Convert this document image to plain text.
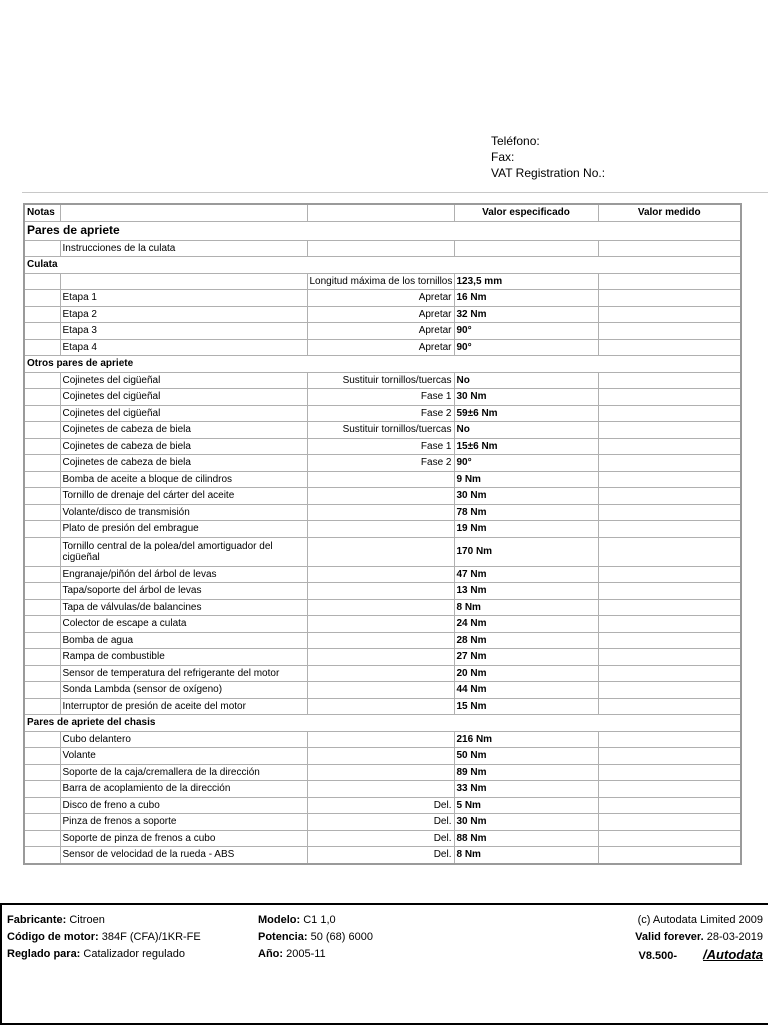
Teléfono:
Fax:
VAT Registration No.:
Notas			Valor especificado	Valor medido
Pares de apriete				
	Instrucciones de la culata			
Culata				
		Longitud máxima de los tornillos	123,5 mm	
	Etapa 1	Apretar	16 Nm	
	Etapa 2	Apretar	32 Nm	
	Etapa 3	Apretar	90°	
	Etapa 4	Apretar	90°	
Otros pares de apriete				
	Cojinetes del cigüeñal	Sustituir tornillos/tuercas	No	
	Cojinetes del cigüeñal	Fase 1	30 Nm	
	Cojinetes del cigüeñal	Fase 2	59±6 Nm	
	Cojinetes de cabeza de biela	Sustituir tornillos/tuercas	No	
	Cojinetes de cabeza de biela	Fase 1	15±6 Nm	
	Cojinetes de cabeza de biela	Fase 2	90°	
	Bomba de aceite a bloque de cilindros		9 Nm	
	Tornillo de drenaje del cárter del aceite		30 Nm	
	Volante/disco de transmisión		78 Nm	
	Plato de presión del embrague		19 Nm	
	Tornillo central de la polea/del amortiguador del cigüeñal		170 Nm	
	Engranaje/piñón del árbol de levas		47 Nm	
	Tapa/soporte del árbol de levas		13 Nm	
	Tapa de válvulas/de balancines		8 Nm	
	Colector de escape a culata		24 Nm	
	Bomba de agua		28 Nm	
	Rampa de combustible		27 Nm	
	Sensor de temperatura del refrigerante del motor		20 Nm	
	Sonda Lambda (sensor de oxígeno)		44 Nm	
	Interruptor de presión de aceite del motor		15 Nm	
Pares de apriete del chasis				
	Cubo delantero		216 Nm	
	Volante		50 Nm	
	Soporte de la caja/cremallera de la dirección		89 Nm	
	Barra de acoplamiento de la dirección		33 Nm	
	Disco de freno a cubo	Del.	5 Nm	
	Pinza de frenos a soporte	Del.	30 Nm	
	Soporte de pinza de frenos a cubo	Del.	88 Nm	
	Sensor de velocidad de la rueda - ABS	Del.	8 Nm	
Fabricante: Citroen
Código de motor: 384F (CFA)/1KR-FE
Reglado para: Catalizador regulado
Modelo: C1 1,0
Potencia: 50 (68) 6000
Año: 2005-11
(c) Autodata Limited 2009
Valid forever. 28-03-2019
V8.500- /Autodata
